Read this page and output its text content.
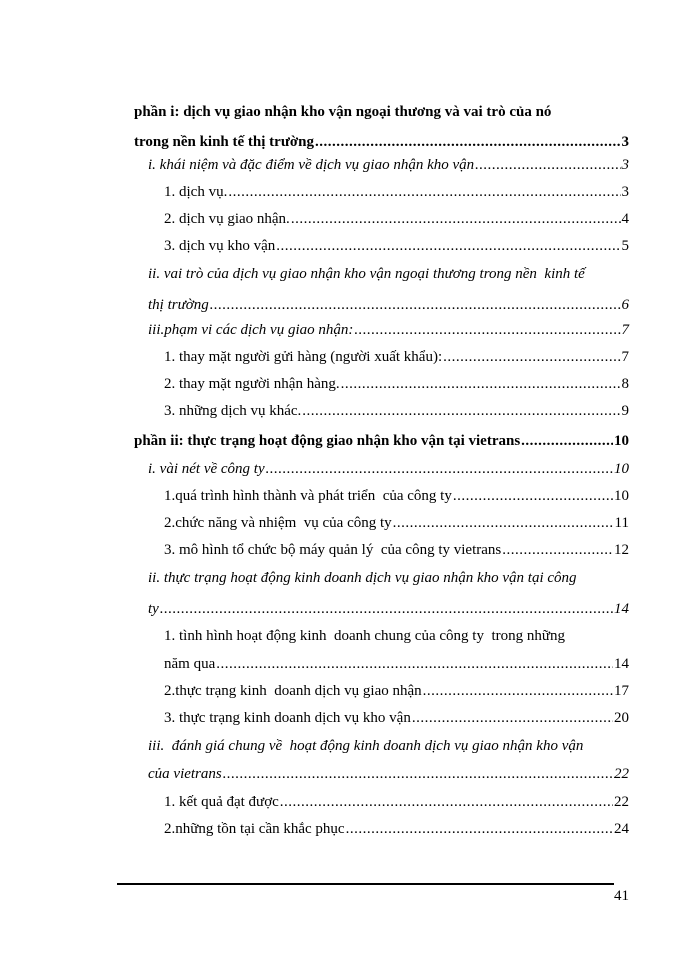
phần i: dịch vụ giao nhận kho vận ngoại thương và vai trò của nó
trong nền kinh tế thị trường .....	3
i. khái niệm và đặc điểm về dịch vụ giao nhận kho vận .....	3
1. dịch vụ. .....	3
2. dịch vụ giao nhận. .....	4
3. dịch vụ kho vận .....	5
ii. vai trò của dịch vụ giao nhận kho vận ngoại thương trong nền  kinh tế
thị trường .....	6
iii.phạm vi các dịch vụ giao nhận: .....	7
1. thay mặt người gửi hàng (người xuất khẩu): .....	7
2. thay mặt người nhận hàng. .....	8
3. những dịch vụ khác. .....	9
phần ii: thực trạng hoạt động giao nhận kho vận tại vietrans .....	10
i. vài nét về công ty .....	10
1.quá trình hình thành và phát triển  của công ty .....	10
2.chức năng và nhiệm  vụ của công ty .....	11
3. mô hình tổ chức bộ máy quản lý  của công ty vietrans .....	12
ii. thực trạng hoạt động kinh doanh dịch vụ giao nhận kho vận tại công
ty .....	14
1. tình hình hoạt động kinh  doanh chung của công ty  trong những
năm qua .....	14
2.thực trạng kinh  doanh dịch vụ giao nhận .....	17
3. thực trạng kinh doanh dịch vụ kho vận .....	20
iii.  đánh giá chung về  hoạt động kinh doanh dịch vụ giao nhận kho vận
của vietrans .....	22
1. kết quả đạt được .....	22
2.những tồn tại cần khắc phục .....	24
41
